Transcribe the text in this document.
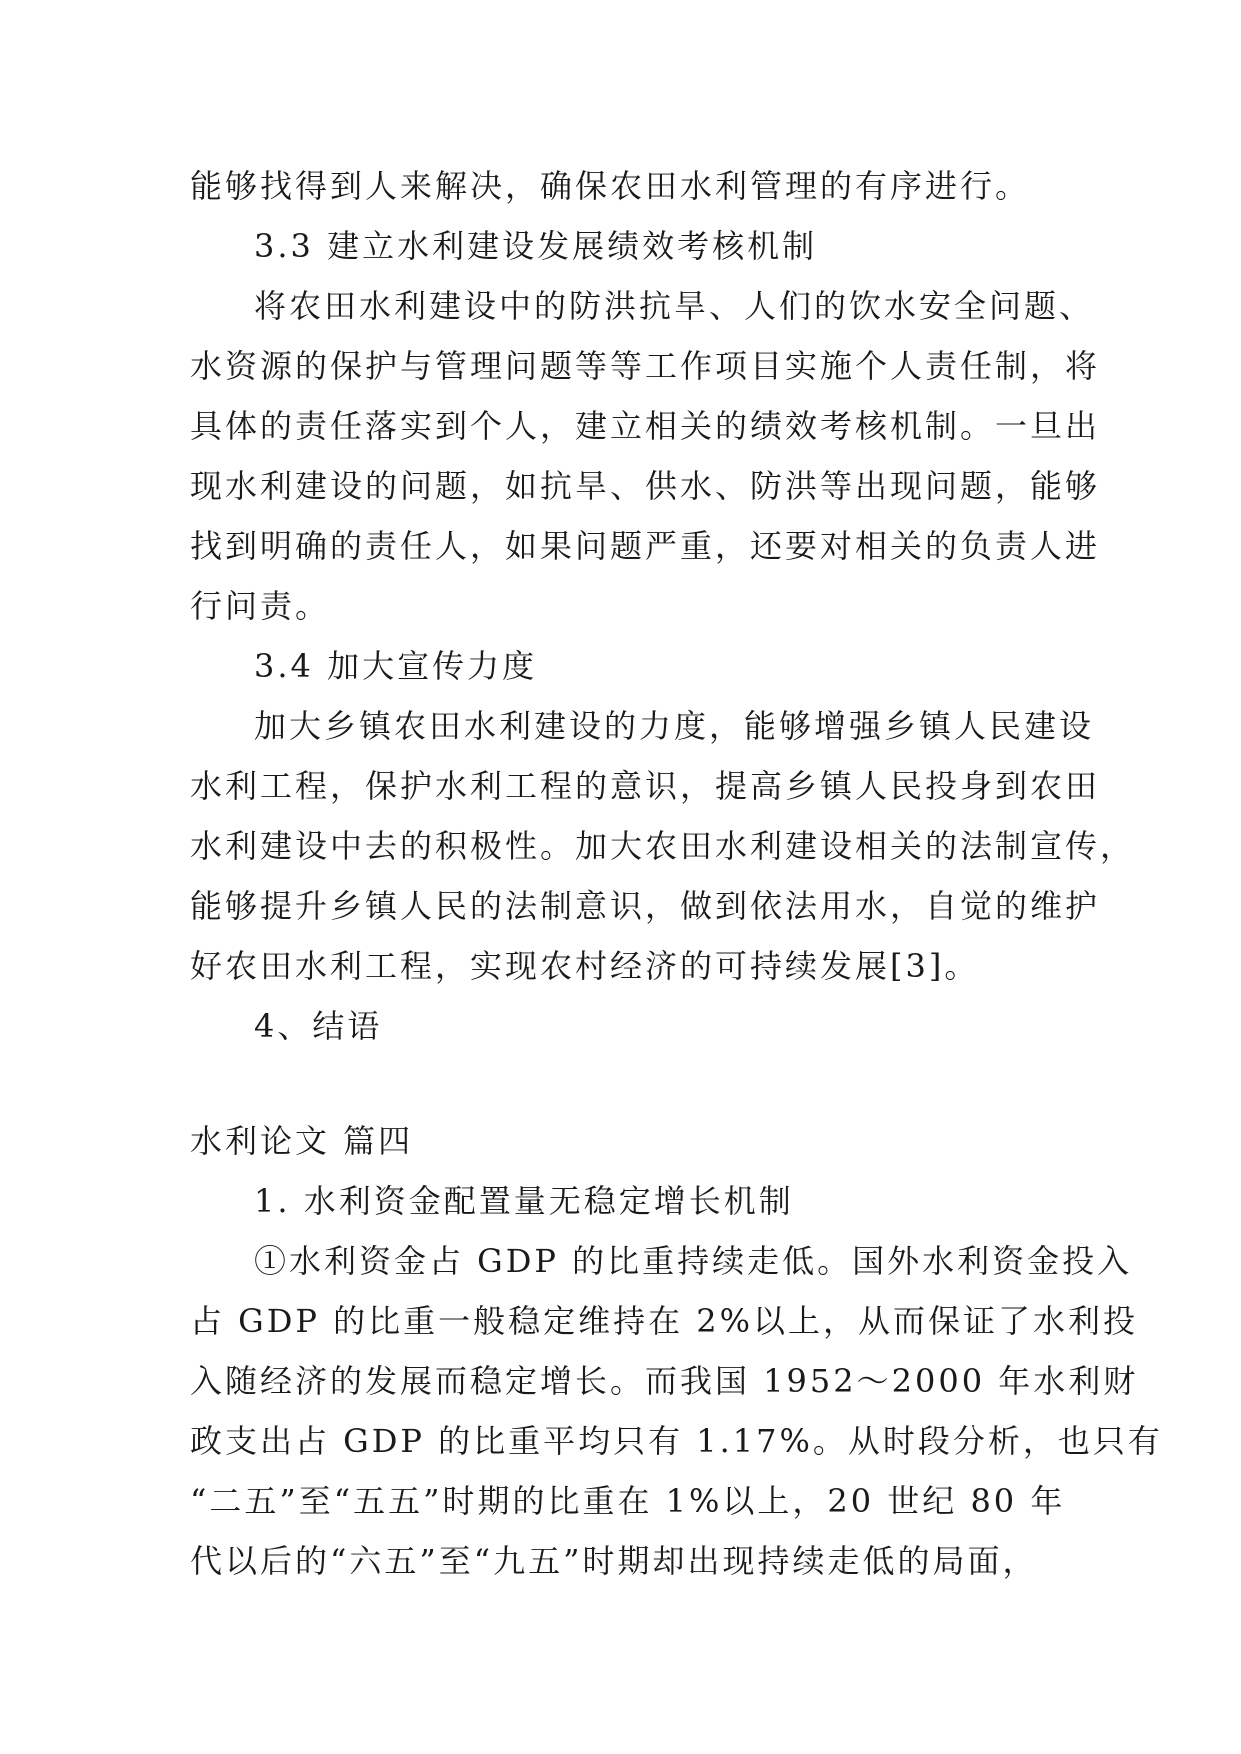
能够找得到人来解决，确保农田水利管理的有序进行。
3.3 建立水利建设发展绩效考核机制
将农田水利建设中的防洪抗旱、人们的饮水安全问题、
水资源的保护与管理问题等等工作项目实施个人责任制，将
具体的责任落实到个人，建立相关的绩效考核机制。一旦出
现水利建设的问题，如抗旱、供水、防洪等出现问题，能够
找到明确的责任人，如果问题严重，还要对相关的负责人进
行问责。
3.4 加大宣传力度
加大乡镇农田水利建设的力度，能够增强乡镇人民建设
水利工程，保护水利工程的意识，提高乡镇人民投身到农田
水利建设中去的积极性。加大农田水利建设相关的法制宣传，
能够提升乡镇人民的法制意识，做到依法用水，自觉的维护
好农田水利工程，实现农村经济的可持续发展[3]。
4、结语
水利论文 篇四
1. 水利资金配置量无稳定增长机制
①水利资金占 GDP 的比重持续走低。国外水利资金投入
占 GDP 的比重一般稳定维持在 2%以上，从而保证了水利投
入随经济的发展而稳定增长。而我国 1952～2000 年水利财
政支出占 GDP 的比重平均只有 1.17%。从时段分析，也只有
“二五”至“五五”时期的比重在 1%以上，20 世纪 80 年
代以后的“六五”至“九五”时期却出现持续走低的局面，
